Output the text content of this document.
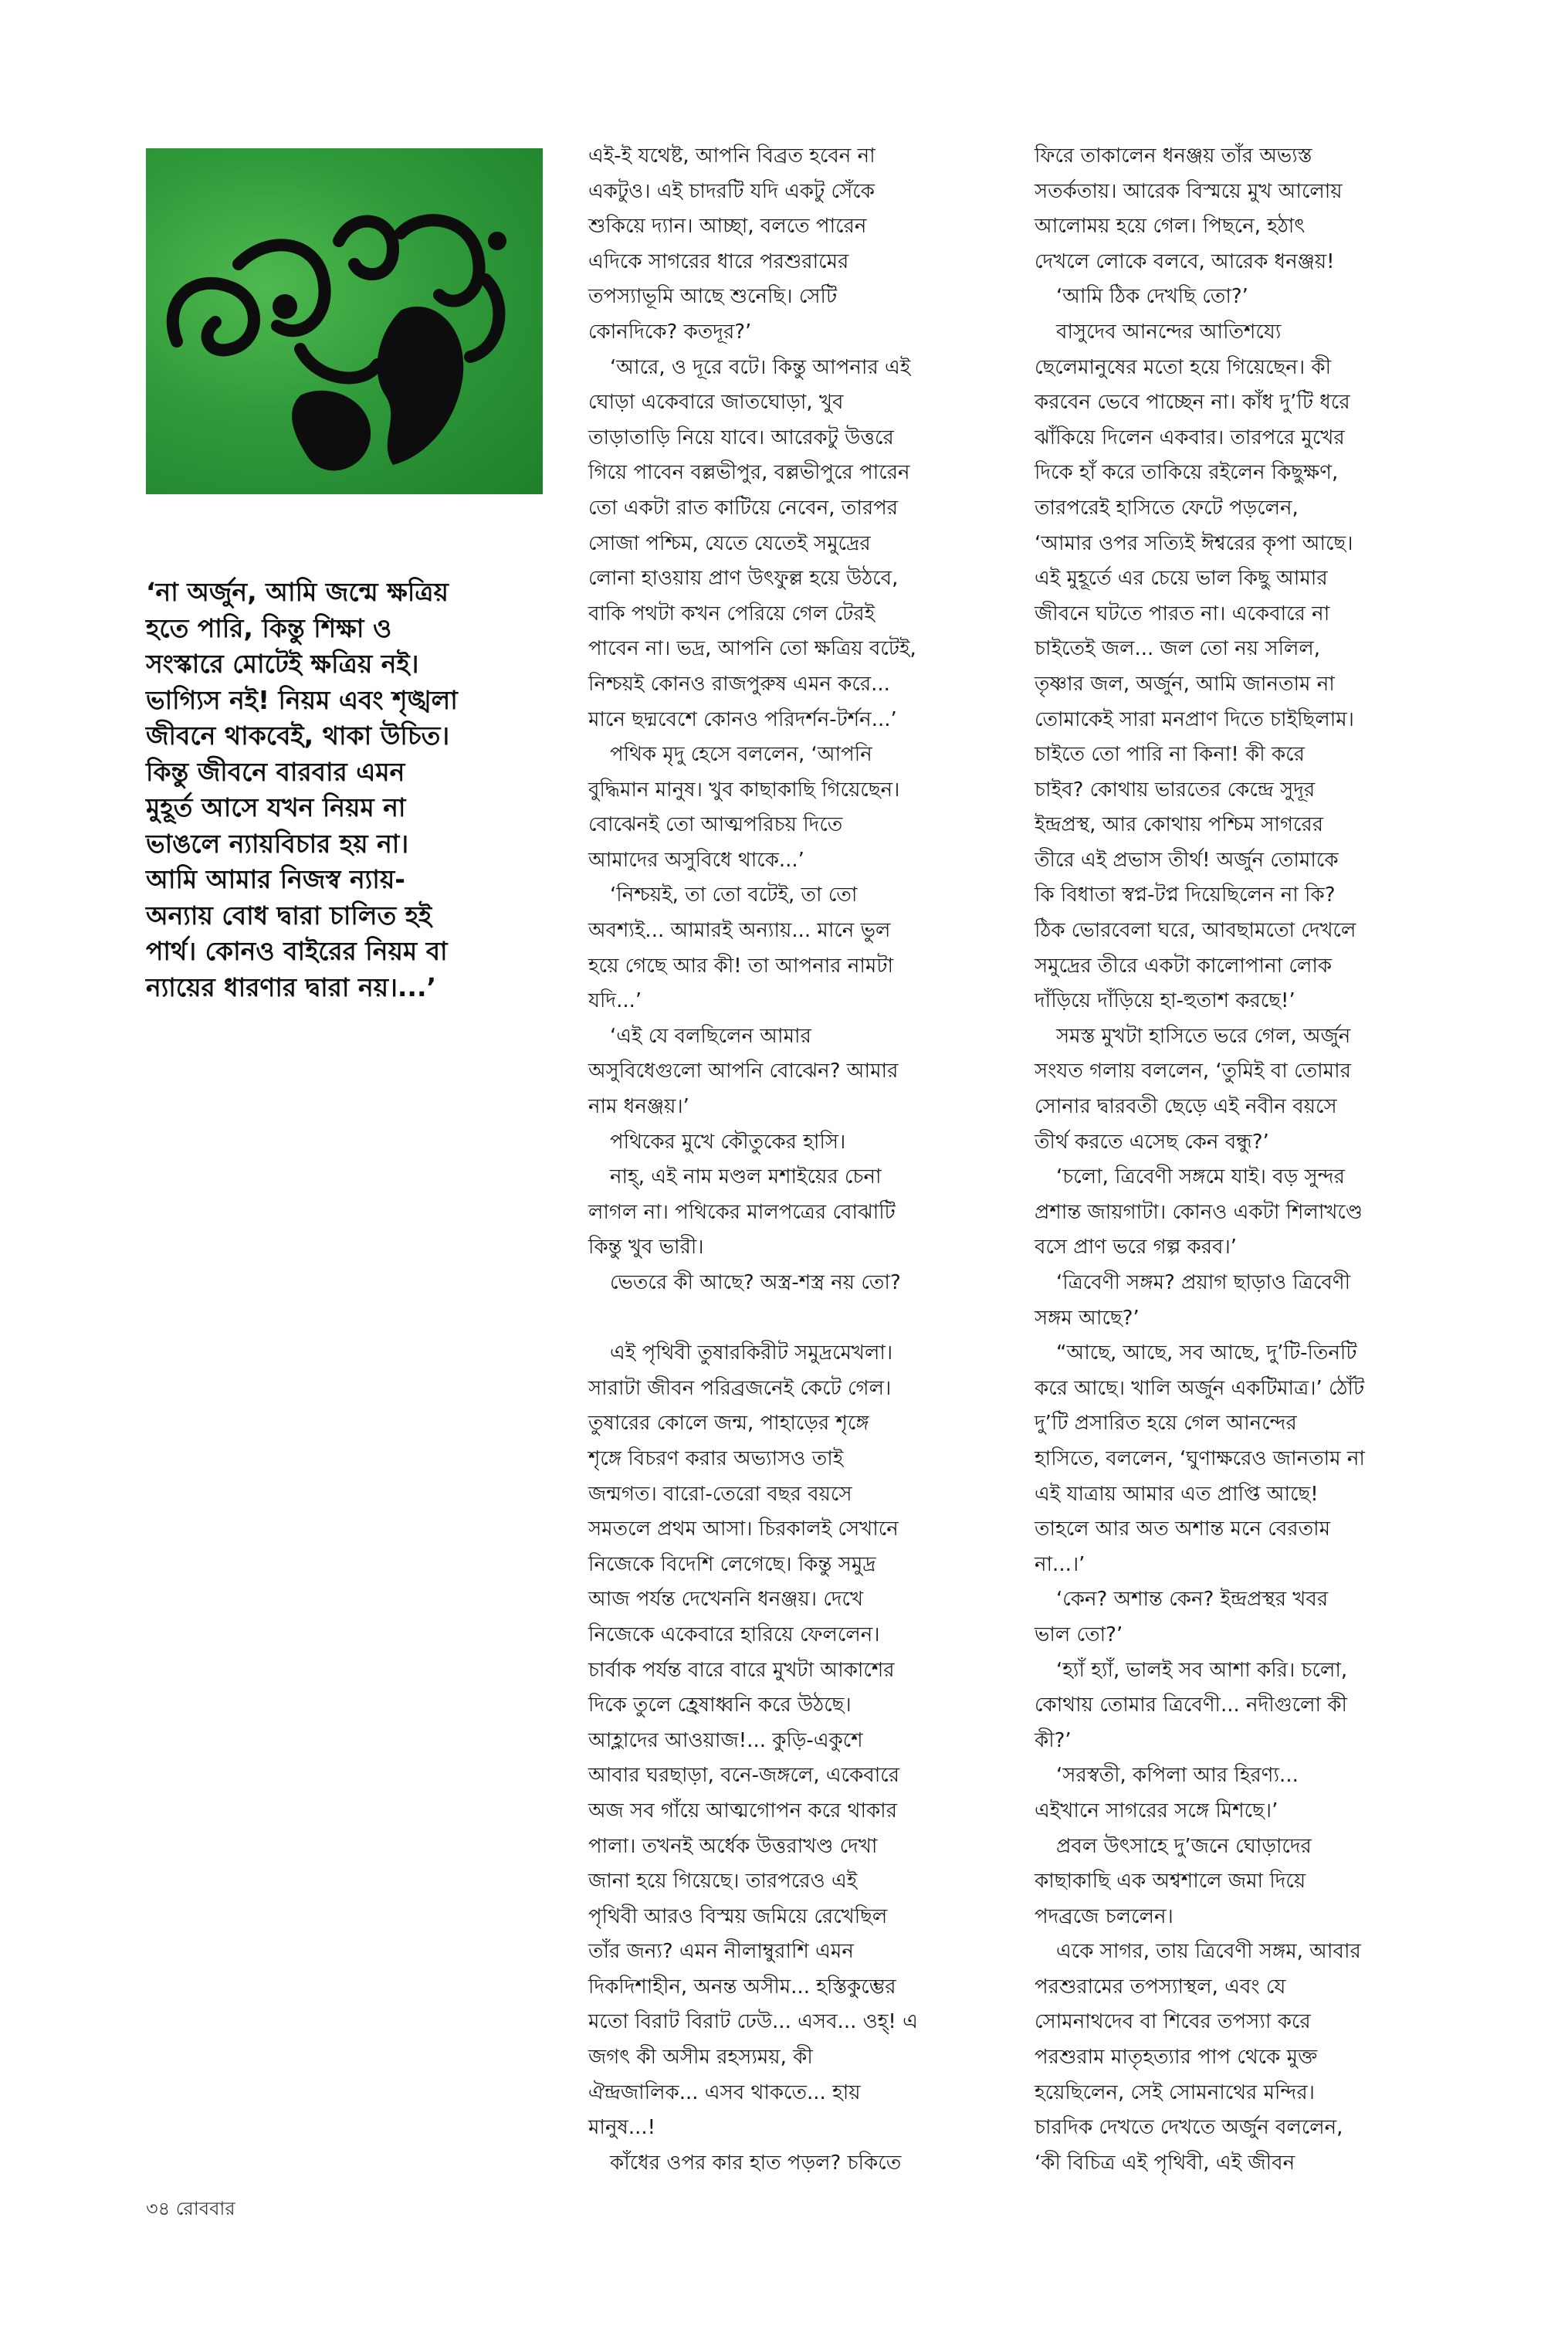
‘না অর্জুন, আমি জন্মে ক্ষত্রিয়
হতে পারি, কিন্তু শিক্ষা ও
সংস্কারে মোটেই ক্ষত্রিয় নই।
ভাগ্যিস নই! নিয়ম এবং শৃঙ্খলা
জীবনে থাকবেই, থাকা উচিত।
কিন্তু জীবনে বারবার এমন
মুহূর্ত আসে যখন নিয়ম না
ভাঙলে ন্যায়বিচার হয় না।
আমি আমার নিজস্ব ন্যায়-
অন্যায় বোধ দ্বারা চালিত হই
পার্থ। কোনও বাইরের নিয়ম বা
ন্যায়ের ধারণার দ্বারা নয়।...’
এই-ই যথেষ্ট, আপনি বিব্রত হবেন না
একটুও। এই চাদরটি যদি একটু সেঁকে
শুকিয়ে দ্যান। আচ্ছা, বলতে পারেন
এদিকে সাগরের ধারে পরশুরামের
তপস্যাভূমি আছে শুনেছি। সেটি
কোনদিকে? কতদূর?’
‘আরে, ও দূরে বটে। কিন্তু আপনার এই
ঘোড়া একেবারে জাতঘোড়া, খুব
তাড়াতাড়ি নিয়ে যাবে। আরেকটু উত্তরে
গিয়ে পাবেন বল্লভীপুর, বল্লভীপুরে পারেন
তো একটা রাত কাটিয়ে নেবেন, তারপর
সোজা পশ্চিম, যেতে যেতেই সমুদ্রের
লোনা হাওয়ায় প্রাণ উৎফুল্ল হয়ে উঠবে,
বাকি পথটা কখন পেরিয়ে গেল টেরই
পাবেন না। ভদ্র, আপনি তো ক্ষত্রিয় বটেই,
নিশ্চয়ই কোনও রাজপুরুষ এমন করে...
মানে ছদ্মবেশে কোনও পরিদর্শন-টর্শন...’
পথিক মৃদু হেসে বললেন, ‘আপনি
বুদ্ধিমান মানুষ। খুব কাছাকাছি গিয়েছেন।
বোঝেনই তো আত্মপরিচয় দিতে
আমাদের অসুবিধে থাকে...’
‘নিশ্চয়ই, তা তো বটেই, তা তো
অবশ্যই... আমারই অন্যায়... মানে ভুল
হয়ে গেছে আর কী! তা আপনার নামটা
যদি...’
‘এই যে বলছিলেন আমার
অসুবিধেগুলো আপনি বোঝেন? আমার
নাম ধনঞ্জয়।’
পথিকের মুখে কৌতুকের হাসি।
নাহ্‌, এই নাম মণ্ডল মশাইয়ের চেনা
লাগল না। পথিকের মালপত্রের বোঝাটি
কিন্তু খুব ভারী।
ভেতরে কী আছে? অস্ত্র-শস্ত্র নয় তো?
এই পৃথিবী তুষারকিরীট সমুদ্রমেখলা।
সারাটা জীবন পরিব্রজনেই কেটে গেল।
তুষারের কোলে জন্ম, পাহাড়ের শৃঙ্গে
শৃঙ্গে বিচরণ করার অভ্যাসও তাই
জন্মগত। বারো-তেরো বছর বয়সে
সমতলে প্রথম আসা। চিরকালই সেখানে
নিজেকে বিদেশি লেগেছে। কিন্তু সমুদ্র
আজ পর্যন্ত দেখেননি ধনঞ্জয়। দেখে
নিজেকে একেবারে হারিয়ে ফেললেন।
চার্বাক পর্যন্ত বারে বারে মুখটা আকাশের
দিকে তুলে হ্রেষাধ্বনি করে উঠছে।
আহ্লাদের আওয়াজ!... কুড়ি-একুশে
আবার ঘরছাড়া, বনে-জঙ্গলে, একেবারে
অজ সব গাঁয়ে আত্মগোপন করে থাকার
পালা। তখনই অর্ধেক উত্তরাখণ্ড দেখা
জানা হয়ে গিয়েছে। তারপরেও এই
পৃথিবী আরও বিস্ময় জমিয়ে রেখেছিল
তাঁর জন্য? এমন নীলাম্বুরাশি এমন
দিকদিশাহীন, অনন্ত অসীম... হস্তিকুম্ভের
মতো বিরাট বিরাট ঢেউ... এসব... ওহ্‌! এ
জগৎ কী অসীম রহস্যময়, কী
ঐন্দ্রজালিক... এসব থাকতে... হায়
মানুষ...!
কাঁধের ওপর কার হাত পড়ল? চকিতে
ফিরে তাকালেন ধনঞ্জয় তাঁর অভ্যস্ত
সতর্কতায়। আরেক বিস্ময়ে মুখ আলোয়
আলোময় হয়ে গেল। পিছনে, হঠাৎ
দেখলে লোকে বলবে, আরেক ধনঞ্জয়!
‘আমি ঠিক দেখছি তো?’
বাসুদেব আনন্দের আতিশয্যে
ছেলেমানুষের মতো হয়ে গিয়েছেন। কী
করবেন ভেবে পাচ্ছেন না। কাঁধ দু’টি ধরে
ঝাঁকিয়ে দিলেন একবার। তারপরে মুখের
দিকে হাঁ করে তাকিয়ে রইলেন কিছুক্ষণ,
তারপরেই হাসিতে ফেটে পড়লেন,
‘আমার ওপর সত্যিই ঈশ্বরের কৃপা আছে।
এই মুহূর্তে এর চেয়ে ভাল কিছু আমার
জীবনে ঘটতে পারত না। একেবারে না
চাইতেই জল... জল তো নয় সলিল,
তৃষ্ণার জল, অর্জুন, আমি জানতাম না
তোমাকেই সারা মনপ্রাণ দিতে চাইছিলাম।
চাইতে তো পারি না কিনা! কী করে
চাইব? কোথায় ভারতের কেন্দ্রে সুদূর
ইন্দ্রপ্রস্থ, আর কোথায় পশ্চিম সাগরের
তীরে এই প্রভাস তীর্থ! অর্জুন তোমাকে
কি বিধাতা স্বপ্ন-টপ্ন দিয়েছিলেন না কি?
ঠিক ভোরবেলা ঘরে, আবছামতো দেখলে
সমুদ্রের তীরে একটা কালোপানা লোক
দাঁড়িয়ে দাঁড়িয়ে হা-হুতাশ করছে!’
সমস্ত মুখটা হাসিতে ভরে গেল, অর্জুন
সংযত গলায় বললেন, ‘তুমিই বা তোমার
সোনার দ্বারবতী ছেড়ে এই নবীন বয়সে
তীর্থ করতে এসেছ কেন বন্ধু?’
‘চলো, ত্রিবেণী সঙ্গমে যাই। বড় সুন্দর
প্রশান্ত জায়গাটা। কোনও একটা শিলাখণ্ডে
বসে প্রাণ ভরে গল্প করব।’
‘ত্রিবেণী সঙ্গম? প্রয়াগ ছাড়াও ত্রিবেণী
সঙ্গম আছে?’
“আছে, আছে, সব আছে, দু’টি-তিনটি
করে আছে। খালি অর্জুন একটিমাত্র।’ ঠোঁট
দু’টি প্রসারিত হয়ে গেল আনন্দের
হাসিতে, বললেন, ‘ঘুণাক্ষরেও জানতাম না
এই যাত্রায় আমার এত প্রাপ্তি আছে!
তাহলে আর অত অশান্ত মনে বেরতাম
না...।’
‘কেন? অশান্ত কেন? ইন্দ্রপ্রস্থর খবর
ভাল তো?’
‘হ্যাঁ হ্যাঁ, ভালই সব আশা করি। চলো,
কোথায় তোমার ত্রিবেণী... নদীগুলো কী
কী?’
‘সরস্বতী, কপিলা আর হিরণ্য...
এইখানে সাগরের সঙ্গে মিশছে।’
প্রবল উৎসাহে দু’জনে ঘোড়াদের
কাছাকাছি এক অশ্বশালে জমা দিয়ে
পদব্রজে চললেন।
একে সাগর, তায় ত্রিবেণী সঙ্গম, আবার
পরশুরামের তপস্যাস্থল, এবং যে
সোমনাথদেব বা শিবের তপস্যা করে
পরশুরাম মাতৃহত্যার পাপ থেকে মুক্ত
হয়েছিলেন, সেই সোমনাথের মন্দির।
চারদিক দেখতে দেখতে অর্জুন বললেন,
‘কী বিচিত্র এই পৃথিবী, এই জীবন
৩৪ রোববার
